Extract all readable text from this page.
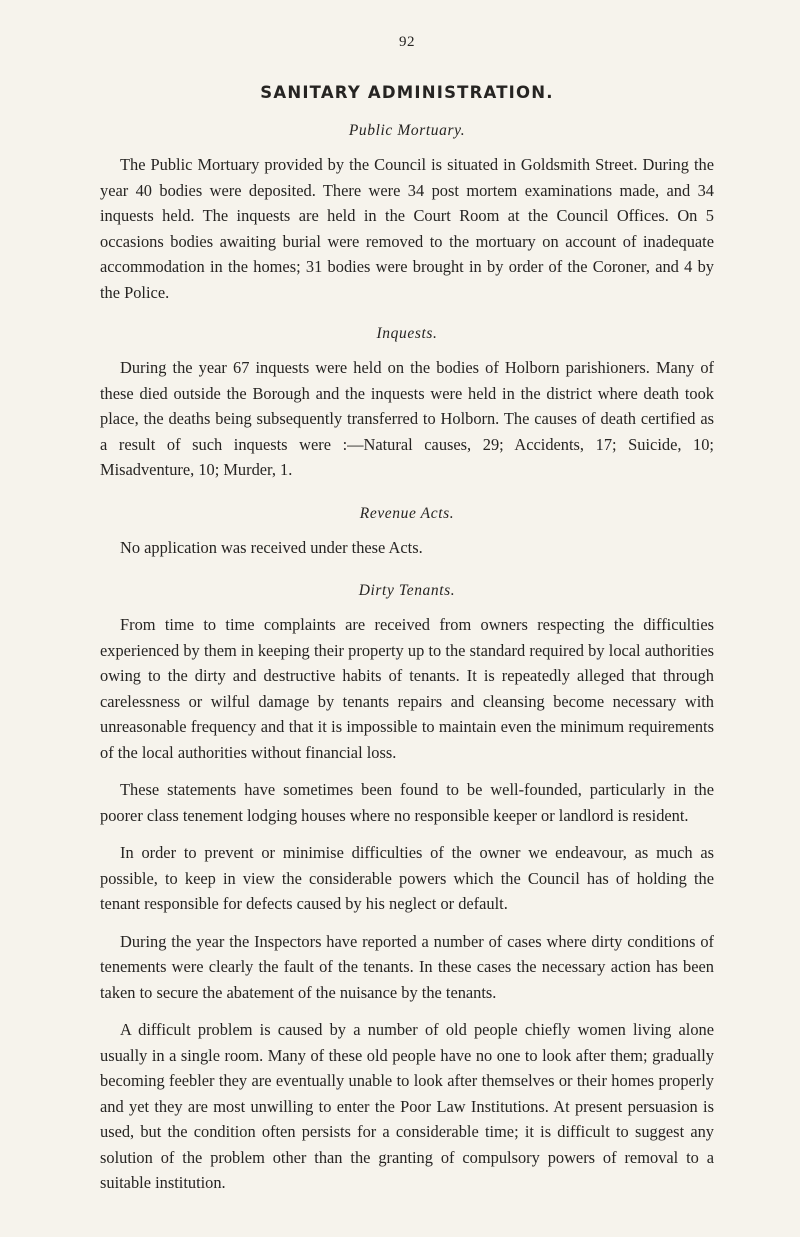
92
SANITARY ADMINISTRATION.
Public Mortuary.

The Public Mortuary provided by the Council is situated in Goldsmith Street. During the year 40 bodies were deposited. There were 34 post mortem examinations made, and 34 inquests held. The inquests are held in the Court Room at the Council Offices. On 5 occasions bodies awaiting burial were removed to the mortuary on account of inadequate accommodation in the homes; 31 bodies were brought in by order of the Coroner, and 4 by the Police.

Inquests.

During the year 67 inquests were held on the bodies of Holborn parishioners. Many of these died outside the Borough and the inquests were held in the district where death took place, the deaths being subsequently transferred to Holborn. The causes of death certified as a result of such inquests were :—Natural causes, 29; Accidents, 17; Suicide, 10; Misadventure, 10; Murder, 1.

Revenue Acts.

No application was received under these Acts.

Dirty Tenants.

From time to time complaints are received from owners respecting the difficulties experienced by them in keeping their property up to the standard required by local authorities owing to the dirty and destructive habits of tenants. It is repeatedly alleged that through carelessness or wilful damage by tenants repairs and cleansing become necessary with unreasonable frequency and that it is impossible to maintain even the minimum requirements of the local authorities without financial loss.

These statements have sometimes been found to be well-founded, particularly in the poorer class tenement lodging houses where no responsible keeper or landlord is resident.

In order to prevent or minimise difficulties of the owner we endeavour, as much as possible, to keep in view the considerable powers which the Council has of holding the tenant responsible for defects caused by his neglect or default.

During the year the Inspectors have reported a number of cases where dirty conditions of tenements were clearly the fault of the tenants. In these cases the necessary action has been taken to secure the abatement of the nuisance by the tenants.

A difficult problem is caused by a number of old people chiefly women living alone usually in a single room. Many of these old people have no one to look after them; gradually becoming feebler they are eventually unable to look after themselves or their homes properly and yet they are most unwilling to enter the Poor Law Institutions. At present persuasion is used, but the condition often persists for a considerable time; it is difficult to suggest any solution of the problem other than the granting of compulsory powers of removal to a suitable institution.
